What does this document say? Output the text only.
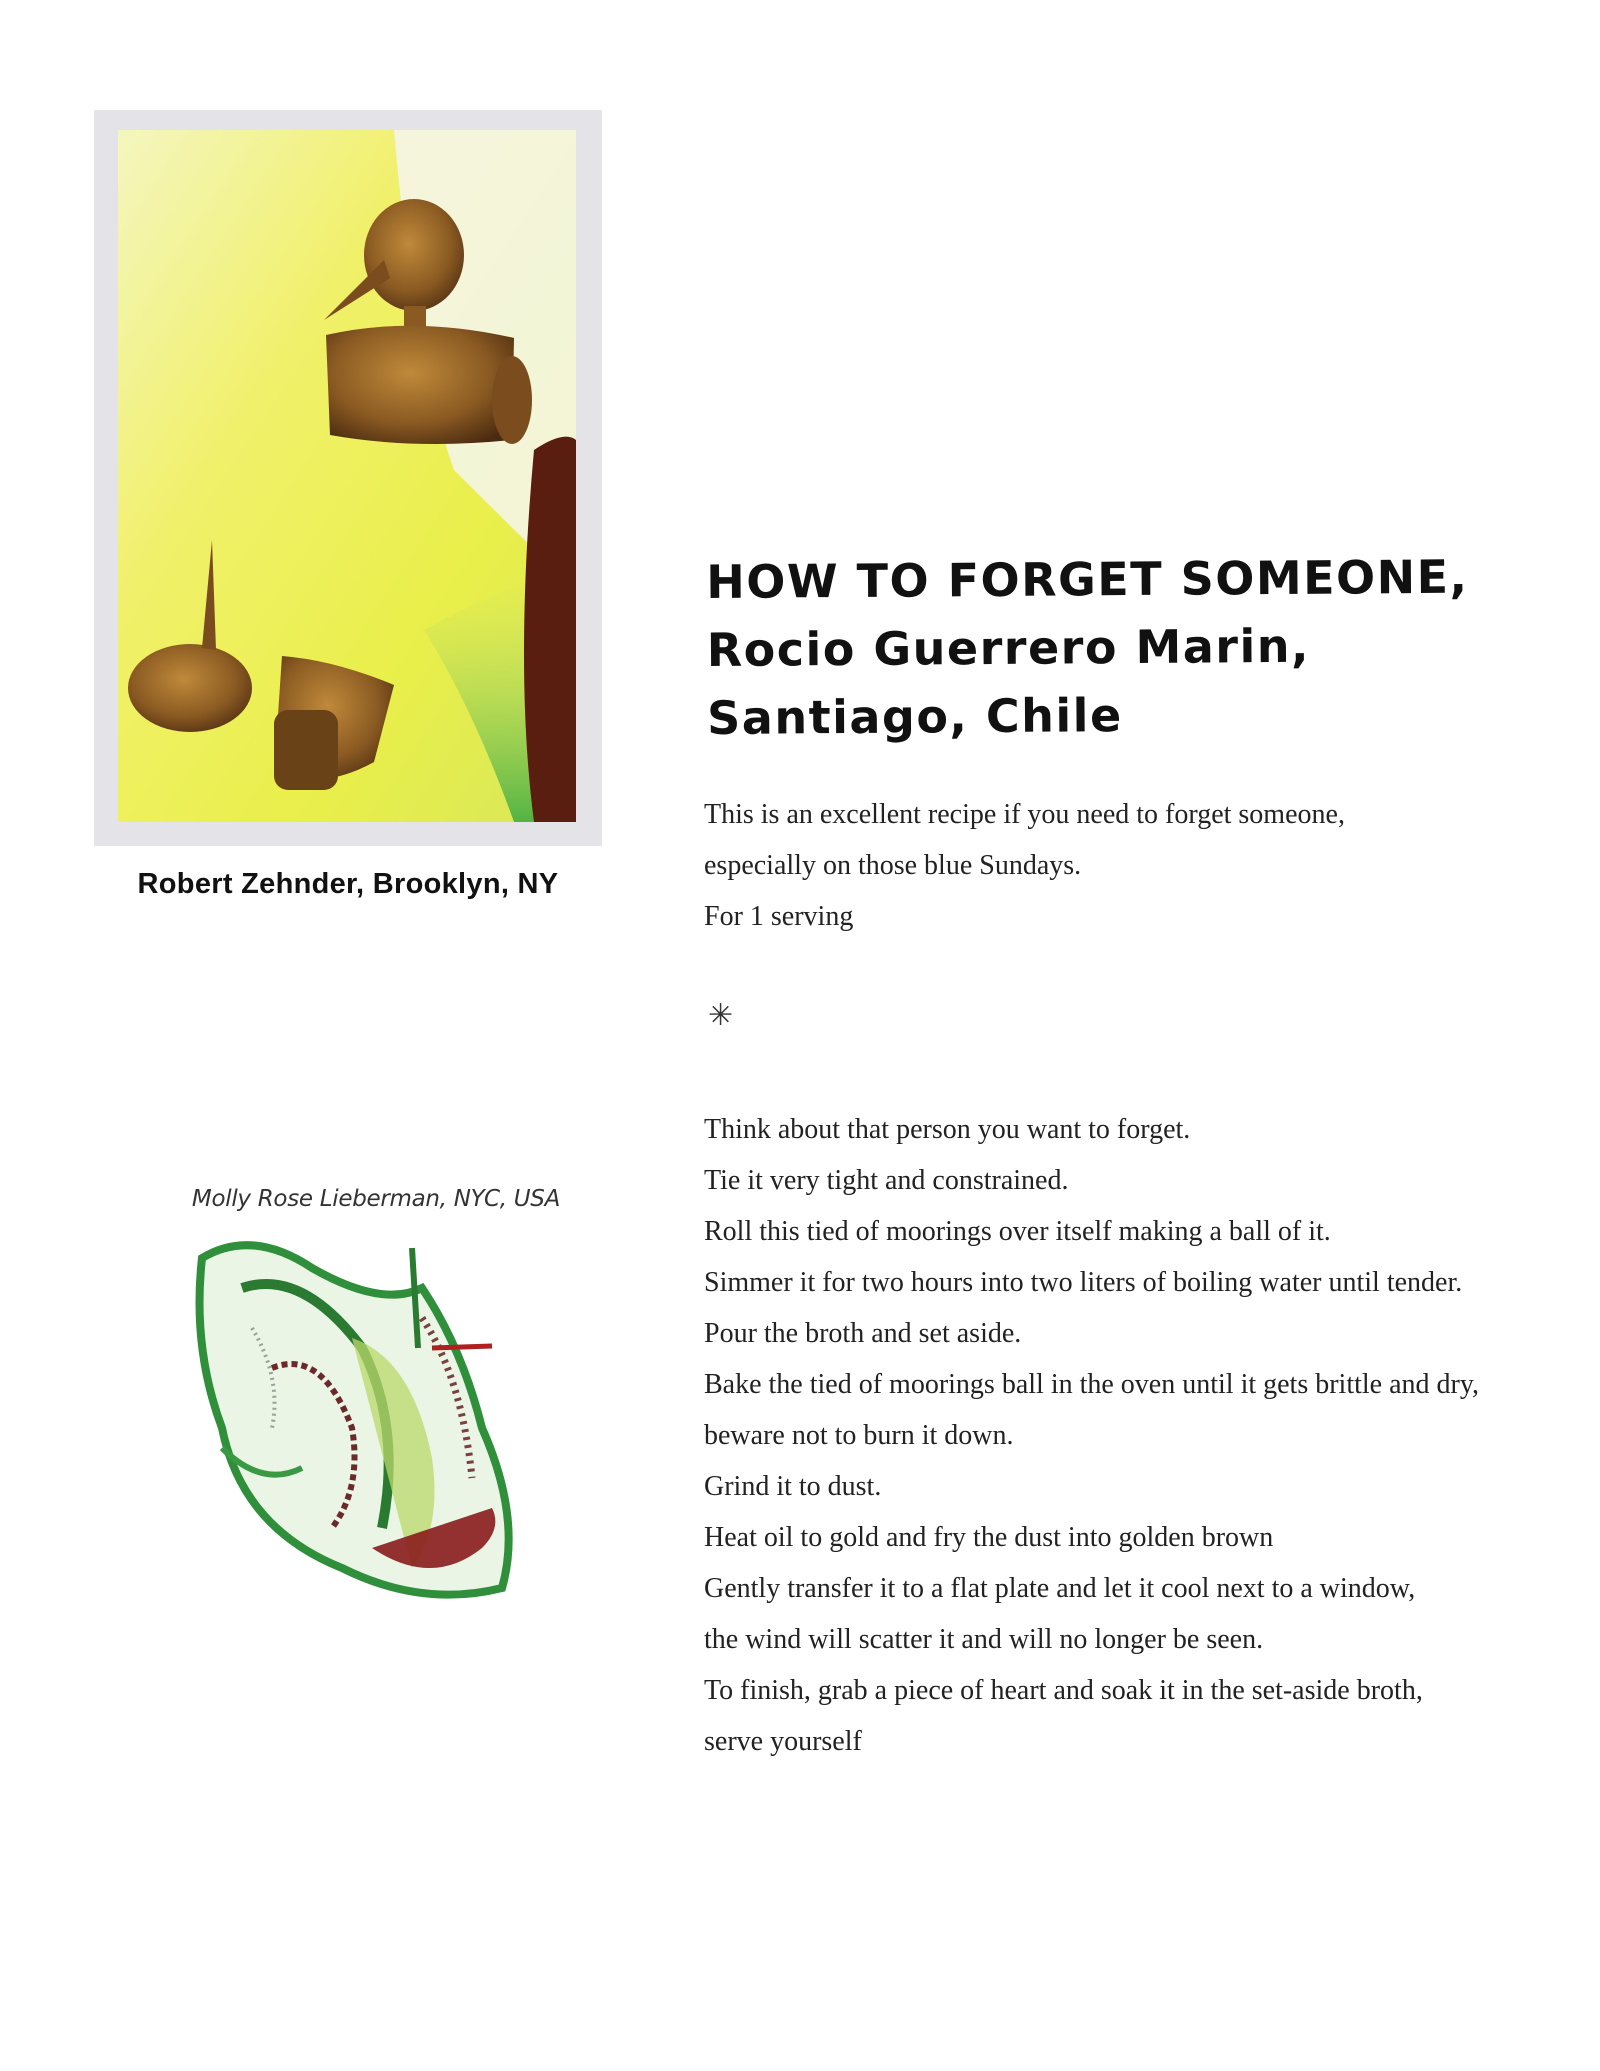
Robert Zehnder, Brooklyn, NY
Molly Rose Lieberman, NYC, USA
HOW TO FORGET SOMEONE,
Rocio Guerrero Marin,
Santiago, Chile
This is an excellent recipe if you need to forget someone,
especially on those blue Sundays.
For 1 serving
✳
Think about that person you want to forget.
Tie it very tight and constrained.
Roll this tied of moorings over itself making a ball of it.
Simmer it for two hours into two liters of boiling water until tender.
Pour the broth and set aside.
Bake the tied of moorings ball in the oven until it gets brittle and dry,
beware not to burn it down.
Grind it to dust.
Heat oil to gold and fry the dust into golden brown
Gently transfer it to a flat plate and let it cool next to a window,
the wind will scatter it and will no longer be seen.
To finish, grab a piece of heart and soak it in the set-aside broth,
serve yourself
